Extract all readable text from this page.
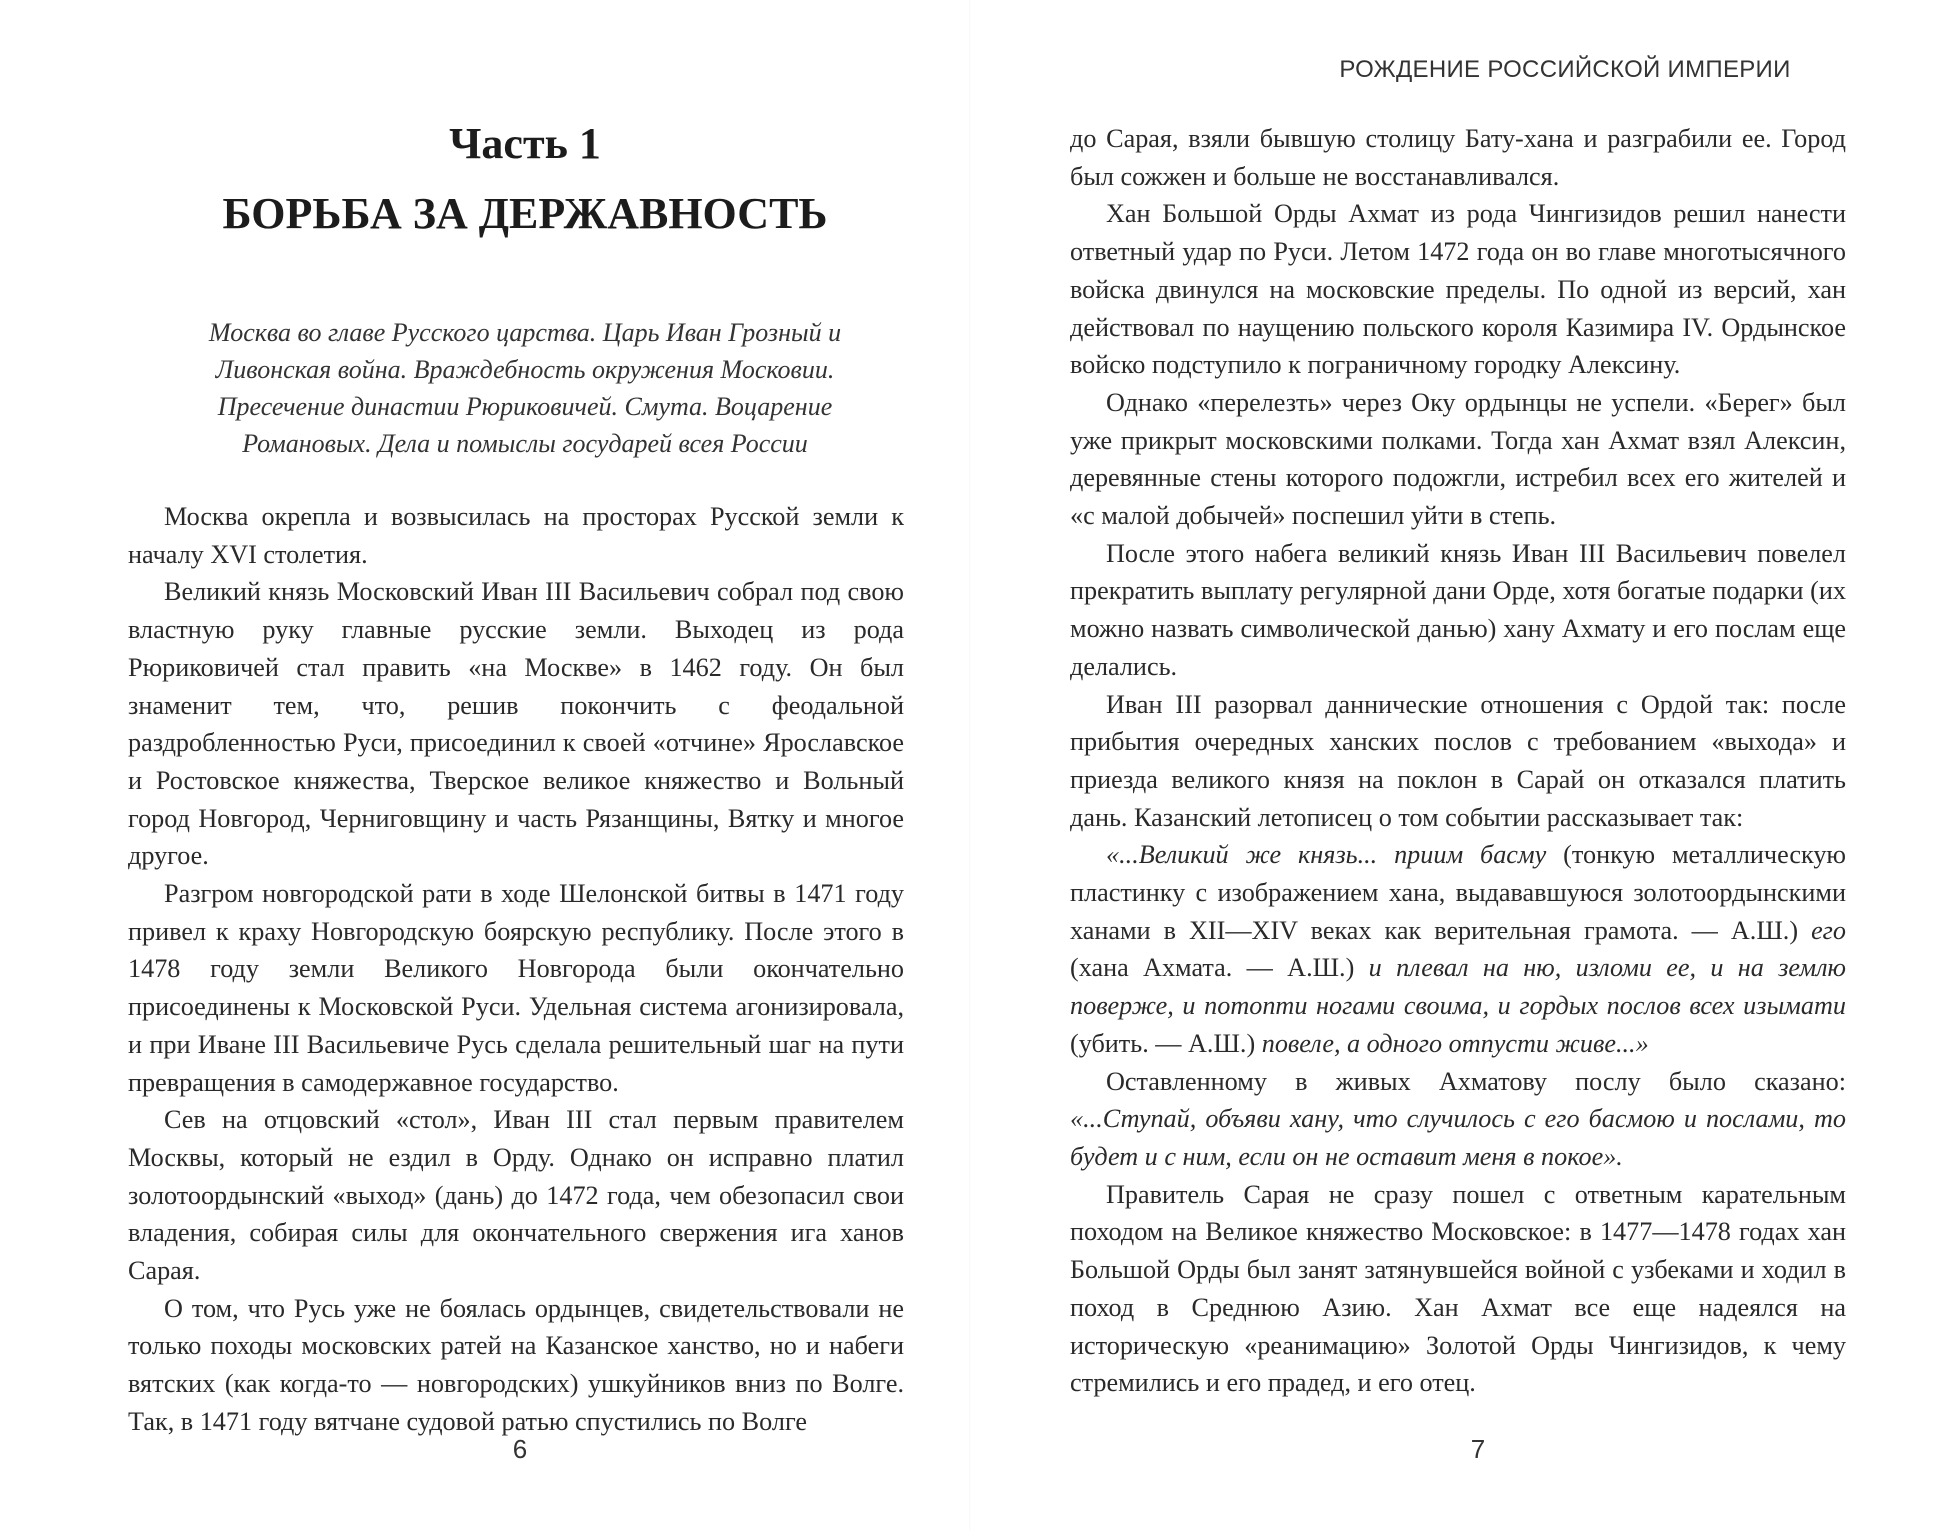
Часть 1
БОРЬБА ЗА ДЕРЖАВНОСТЬ
Москва во главе Русского царства. Царь Иван Грозный и Ливонская война. Враждебность окружения Московии. Пресечение династии Рюриковичей. Смута. Воцарение Романовых. Дела и помыслы государей всея России

Москва окрепла и возвысилась на просторах Русской земли к началу XVI столетия.

Великий князь Московский Иван III Васильевич собрал под свою властную руку главные русские земли. Выходец из рода Рюриковичей стал править «на Москве» в 1462 году. Он был знаменит тем, что, решив покончить с феодальной раздробленностью Руси, присоединил к своей «отчине» Ярославское и Ростовское княжества, Тверское великое княжество и Вольный город Новгород, Черниговщину и часть Рязанщины, Вятку и многое другое.

Разгром новгородской рати в ходе Шелонской битвы в 1471 году привел к краху Новгородскую боярскую республику. После этого в 1478 году земли Великого Новгорода были окончательно присоединены к Московской Руси. Удельная система агонизировала, и при Иване III Васильевиче Русь сделала решительный шаг на пути превращения в самодержавное государство.

Сев на отцовский «стол», Иван III стал первым правителем Москвы, который не ездил в Орду. Однако он исправно платил золотоордынский «выход» (дань) до 1472 года, чем обезопасил свои владения, собирая силы для окончательного свержения ига ханов Сарая.

О том, что Русь уже не боялась ордынцев, свидетельствовали не только походы московских ратей на Казанское ханство, но и набеги вятских (как когда-то — новгородских) ушкуйников вниз по Волге. Так, в 1471 году вятчане судовой ратью спустились по Волге

6
РОЖДЕНИЕ РОССИЙСКОЙ ИМПЕРИИ

до Сарая, взяли бывшую столицу Бату-хана и разграбили ее. Город был сожжен и больше не восстанавливался.

Хан Большой Орды Ахмат из рода Чингизидов решил нанести ответный удар по Руси. Летом 1472 года он во главе многотысячного войска двинулся на московские пределы. По одной из версий, хан действовал по наущению польского короля Казимира IV. Ордынское войско подступило к пограничному городку Алексину.

Однако «перелезть» через Оку ордынцы не успели. «Берег» был уже прикрыт московскими полками. Тогда хан Ахмат взял Алексин, деревянные стены которого подожгли, истребил всех его жителей и «с малой добычей» поспешил уйти в степь.

После этого набега великий князь Иван III Васильевич повелел прекратить выплату регулярной дани Орде, хотя богатые подарки (их можно назвать символической данью) хану Ахмату и его послам еще делались.

Иван III разорвал даннические отношения с Ордой так: после прибытия очередных ханских послов с требованием «выхода» и приезда великого князя на поклон в Сарай он отказался платить дань. Казанский летописец о том событии рассказывает так:

«...Великий же князь... приим басму (тонкую металлическую пластинку с изображением хана, выдававшуюся золотоордынскими ханами в XII—XIV веках как верительная грамота. — А.Ш.) его (хана Ахмата. — А.Ш.) и плевал на ню, изломи ее, и на землю поверже, и потопти ногами своима, и гордых послов всех изымати (убить. — А.Ш.) повеле, а одного отпусти живе...»

Оставленному в живых Ахматову послу было сказано: «...Ступай, объяви хану, что случилось с его басмою и послами, то будет и с ним, если он не оставит меня в покое».

Правитель Сарая не сразу пошел с ответным карательным походом на Великое княжество Московское: в 1477—1478 годах хан Большой Орды был занят затянувшейся войной с узбеками и ходил в поход в Среднюю Азию. Хан Ахмат все еще надеялся на историческую «реанимацию» Золотой Орды Чингизидов, к чему стремились и его прадед, и его отец.

7
